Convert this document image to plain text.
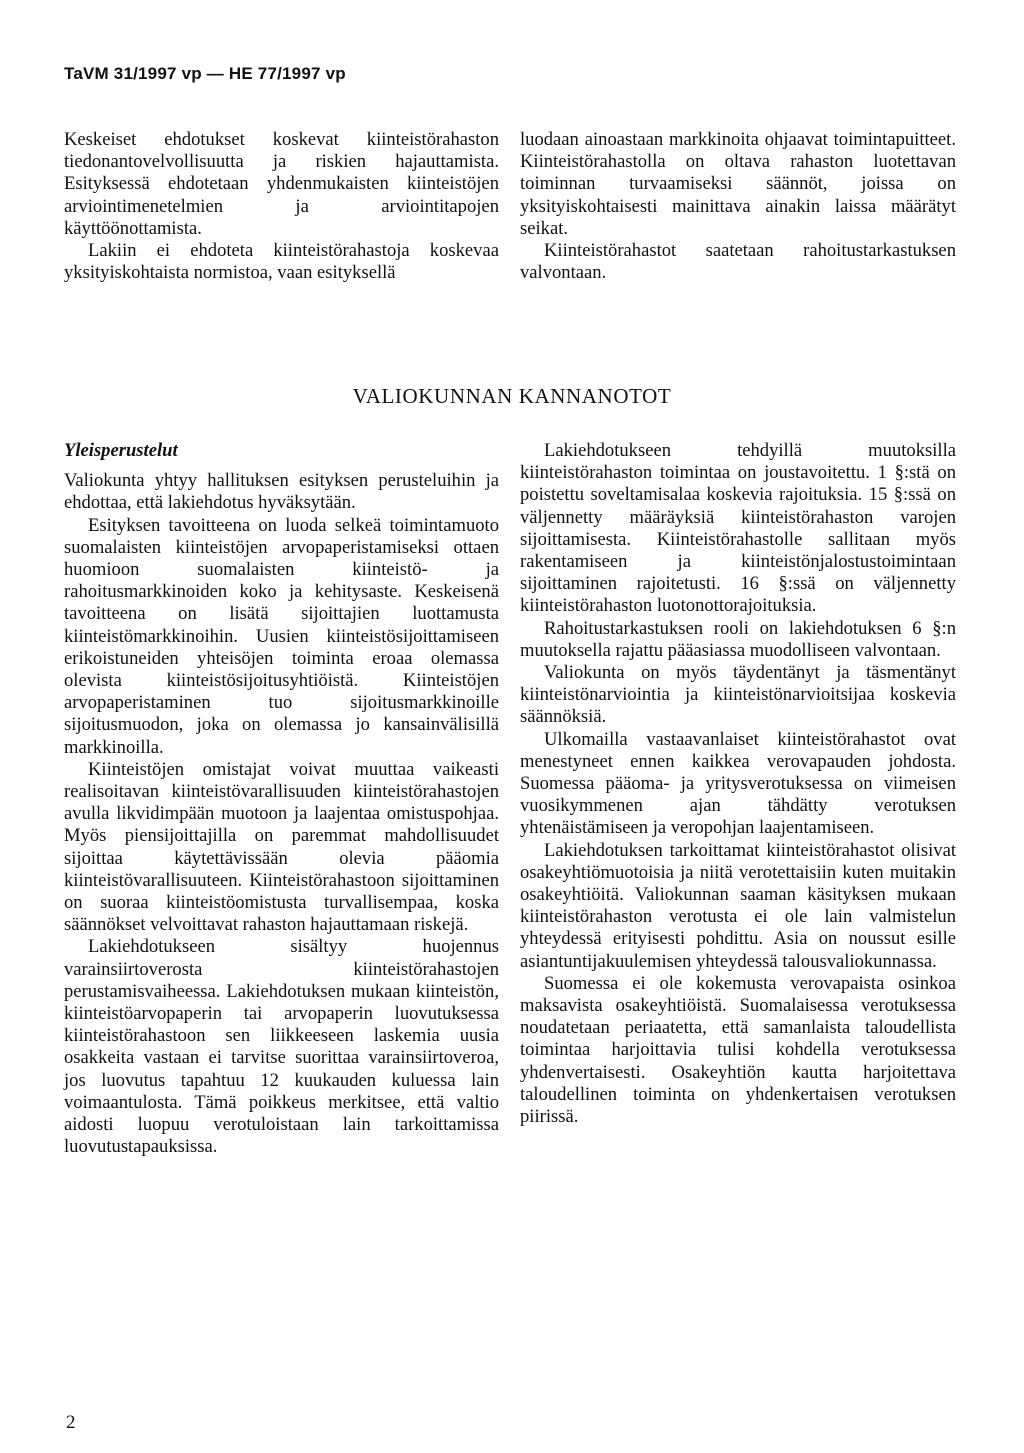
TaVM 31/1997 vp — HE 77/1997 vp

Keskeiset ehdotukset koskevat kiinteistörahaston tiedonantovelvollisuutta ja riskien hajauttamista. Esityksessä ehdotetaan yhdenmukaisten kiinteistöjen arviointimenetelmien ja arviointitapojen käyttöönottamista.

Lakiin ei ehdoteta kiinteistörahastoja koskevaa yksityiskohtaista normistoa, vaan esityksellä

luodaan ainoastaan markkinoita ohjaavat toimintapuitteet. Kiinteistörahastolla on oltava rahaston luotettavan toiminnan turvaamiseksi säännöt, joissa on yksityiskohtaisesti mainittava ainakin laissa määrätyt seikat.

Kiinteistörahastot saatetaan rahoitustarkastuksen valvontaan.

VALIOKUNNAN KANNANOTOT

Yleisperustelut

Valiokunta yhtyy hallituksen esityksen perusteluihin ja ehdottaa, että lakiehdotus hyväksytään.

Esityksen tavoitteena on luoda selkeä toimintamuoto suomalaisten kiinteistöjen arvopaperistamiseksi ottaen huomioon suomalaisten kiinteistö- ja rahoitusmarkkinoiden koko ja kehitysaste. Keskeisenä tavoitteena on lisätä sijoittajien luottamusta kiinteistömarkkinoihin. Uusien kiinteistösijoittamiseen erikoistuneiden yhteisöjen toiminta eroaa olemassa olevista kiinteistösijoitusyhtiöistä. Kiinteistöjen arvopaperistaminen tuo sijoitusmarkkinoille sijoitusmuodon, joka on olemassa jo kansainvälisillä markkinoilla.

Kiinteistöjen omistajat voivat muuttaa vaikeasti realisoitavan kiinteistövarallisuuden kiinteistörahastojen avulla likvidimpään muotoon ja laajentaa omistuspohjaa. Myös piensijoittajilla on paremmat mahdollisuudet sijoittaa käytettävissään olevia pääomia kiinteistövarallisuuteen. Kiinteistörahastoon sijoittaminen on suoraa kiinteistöomistusta turvallisempaa, koska säännökset velvoittavat rahaston hajauttamaan riskejä.

Lakiehdotukseen sisältyy huojennus varainsiirtoverosta kiinteistörahastojen perustamisvaiheessa. Lakiehdotuksen mukaan kiinteistön, kiinteistöarvopaperin tai arvopaperin luovutuksessa kiinteistörahastoon sen liikkeeseen laskemia uusia osakkeita vastaan ei tarvitse suorittaa varainsiirtoveroa, jos luovutus tapahtuu 12 kuukauden kuluessa lain voimaantulosta. Tämä poikkeus merkitsee, että valtio aidosti luopuu verotuloistaan lain tarkoittamissa luovutustapauksissa.

Lakiehdotukseen tehdyillä muutoksilla kiinteistörahaston toimintaa on joustavoitettu. 1 §:stä on poistettu soveltamisalaa koskevia rajoituksia. 15 §:ssä on väljennetty määräyksiä kiinteistörahaston varojen sijoittamisesta. Kiinteistörahastolle sallitaan myös rakentamiseen ja kiinteistönjalostustoimintaan sijoittaminen rajoitetusti. 16 §:ssä on väljennetty kiinteistörahaston luotonottorajoituksia.

Rahoitustarkastuksen rooli on lakiehdotuksen 6 §:n muutoksella rajattu pääasiassa muodolliseen valvontaan.

Valiokunta on myös täydentänyt ja täsmentänyt kiinteistönarviointia ja kiinteistönarvioitsijaa koskevia säännöksiä.

Ulkomailla vastaavanlaiset kiinteistörahastot ovat menestyneet ennen kaikkea verovapauden johdosta. Suomessa pääoma- ja yritysverotuksessa on viimeisen vuosikymmenen ajan tähdätty verotuksen yhtenäistämiseen ja veropohjan laajentamiseen.

Lakiehdotuksen tarkoittamat kiinteistörahastot olisivat osakeyhtiömuotoisia ja niitä verotettaisiin kuten muitakin osakeyhtiöitä. Valiokunnan saaman käsityksen mukaan kiinteistörahaston verotusta ei ole lain valmistelun yhteydessä erityisesti pohdittu. Asia on noussut esille asiantuntijakuulemisen yhteydessä talousvaliokunnassa.

Suomessa ei ole kokemusta verovapaista osinkoa maksavista osakeyhtiöistä. Suomalaisessa verotuksessa noudatetaan periaatetta, että samanlaista taloudellista toimintaa harjoittavia tulisi kohdella verotuksessa yhdenvertaisesti. Osakeyhtiön kautta harjoitettava taloudellinen toiminta on yhdenkertaisen verotuksen piirissä.

2
